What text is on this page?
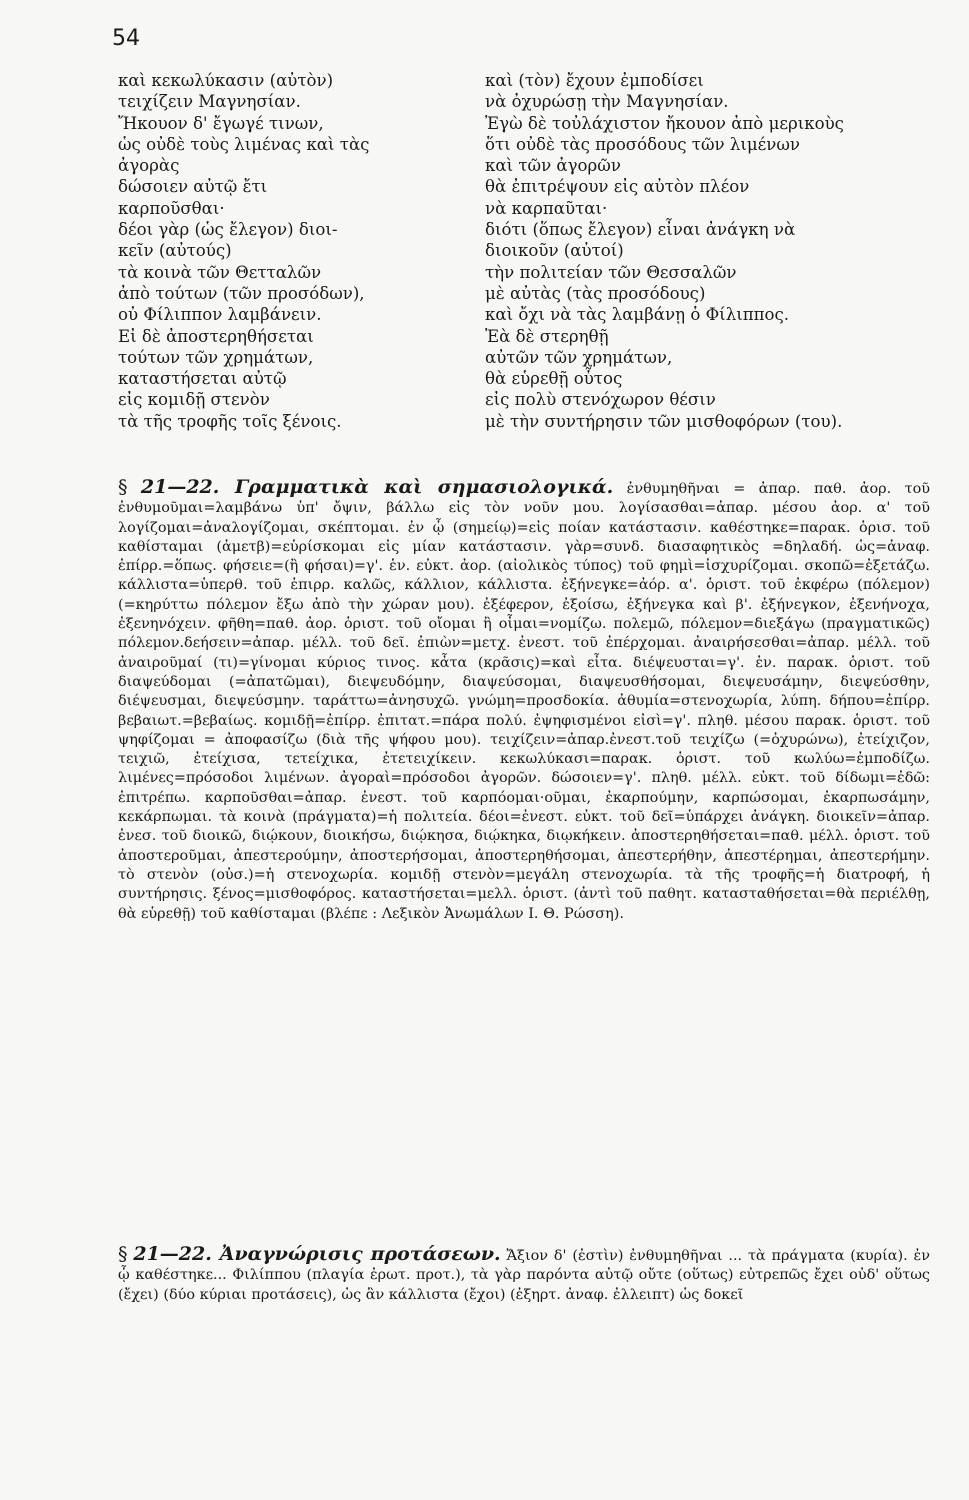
54
καὶ κεκωλύκασιν (αὐτὸν)
τειχίζειν Μαγνησίαν.
Ἤκουον δ' ἔγωγέ τινων,
ὡς οὐδὲ τοὺς λιμένας καὶ τὰς
ἀγορὰς
δώσοιεν αὐτῷ ἔτι
καρποῦσθαι·
δέοι γὰρ (ὡς ἔλεγον) διοι-
κεῖν (αὐτούς)
τὰ κοινὰ τῶν Θετταλῶν
ἀπὸ τούτων (τῶν προσόδων),
οὐ Φίλιππον λαμβάνειν.
Εἰ δὲ ἀποστερηθήσεται
τούτων τῶν χρημάτων,
καταστήσεται αὐτῷ
εἰς κομιδῇ στενὸν
τὰ τῆς τροφῆς τοῖς ξένοις.
καὶ (τὸν) ἔχουν ἐμποδίσει
νὰ ὀχυρώσῃ τὴν Μαγνησίαν.
Ἐγὼ δὲ τοὐλάχιστον ἤκουον ἀπὸ μερικοὺς
ὅτι οὐδὲ τὰς προσόδους τῶν λιμένων
καὶ τῶν ἀγορῶν
θὰ ἐπιτρέψουν εἰς αὐτὸν πλέον
νὰ καρπαῦται·
διότι (ὅπως ἔλεγον) εἶναι ἀνάγκη νὰ
διοικοῦν (αὐτοί)
τὴν πολιτείαν τῶν Θεσσαλῶν
μὲ αὐτὰς (τὰς προσόδους)
καὶ ὄχι νὰ τὰς λαμβάνῃ ὁ Φίλιππος.
Ἐὰ δὲ στερηθῇ
αὐτῶν τῶν χρημάτων,
θὰ εὑρεθῇ οὗτος
εἰς πολὺ στενόχωρον θέσιν
μὲ τὴν συντήρησιν τῶν μισθοφόρων (του).

§ 21—22. Γραμματικὰ καὶ σημασιολογικά. ἐνθυμηθῆναι = ἀπαρ. παθ. ἀορ. τοῦ ἐνθυμοῦμαι=λαμβάνω ὑπ' ὄψιν, βάλλω εἰς τὸν νοῦν μου. λογίσασθαι=ἀπαρ. μέσου ἀορ. α' τοῦ λογίζομαι=ἀναλογίζομαι, σκέπτομαι. ἐν ᾧ (σημείῳ)=εἰς ποίαν κατάστασιν. καθέστηκε=παρακ. ὁρισ. τοῦ καθίσταμαι (ἀμετβ)=εὑρίσκομαι εἰς μίαν κατάστασιν. γὰρ=συνδ. διασαφητικὸς =δηλαδή. ὡς=ἀναφ. ἐπίρρ.=ὅπως. φήσειε=(ἢ φήσαι)=γ'. ἑν. εὐκτ. ἀορ. (αἰολικὸς τύπος) τοῦ φημὶ=ἰσχυρίζομαι. σκοπῶ=ἐξετάζω. κάλλιστα=ὑπερθ. τοῦ ἐπιρρ. καλῶς, κάλλιον, κάλλιστα. ἐξήνεγκε=ἀόρ. α'. ὁριστ. τοῦ ἐκφέρω (πόλεμον) (=κηρύττω πόλεμον ἔξω ἀπὸ τὴν χώραν μου). ἐξέφερον, ἐξοίσω, ἐξήνεγκα καὶ β'. ἐξήνεγκον, ἐξενήνοχα, ἐξενηνόχειν. φῆθη=παθ. ἀορ. ὁριστ. τοῦ οἴομαι ἢ οἶμαι=νομίζω. πολεμῶ, πόλεμον=διεξάγω (πραγματικῶς) πόλεμον.δεήσειν=ἀπαρ. μέλλ. τοῦ δεῖ. ἐπιὼν=μετχ. ἐνεστ. τοῦ ἐπέρχομαι. ἀναιρήσεσθαι=ἀπαρ. μέλλ. τοῦ ἀναιροῦμαί (τι)=γίνομαι κύριος τινος. κἆτα (κρᾶσις)=καὶ εἶτα. διέψευσται=γ'. ἑν. παρακ. ὁριστ. τοῦ διαψεύδομαι (=ἀπατῶμαι), διεψευδόμην, διαψεύσομαι, διαψευσθήσομαι, διεψευσάμην, διεψεύσθην, διέψευσμαι, διεψεύσμην. ταράττω=ἀνησυχῶ. γνώμη=προσδοκία. ἀθυμία=στενοχωρία, λύπη. δήπου=ἐπίρρ. βεβαιωτ.=βεβαίως. κομιδῇ=ἐπίρρ. ἐπιτατ.=πάρα πολύ. ἐψηφισμένοι εἰσὶ=γ'. πληθ. μέσου παρακ. ὁριστ. τοῦ ψηφίζομαι = ἀποφασίζω (διὰ τῆς ψήφου μου). τειχίζειν=ἀπαρ.ἐνεστ.τοῦ τειχίζω (=ὀχυρώνω), ἐτείχιζον, τειχιῶ, ἐτείχισα, τετείχικα, ἐτετειχίκειν. κεκωλύκασι=παρακ. ὁριστ. τοῦ κωλύω=ἐμποδίζω. λιμένες=πρόσοδοι λιμένων. ἀγοραὶ=πρόσοδοι ἀγορῶν. δώσοιεν=γ'. πληθ. μέλλ. εὐκτ. τοῦ δίδωμι=ἐδῶ: ἐπιτρέπω. καρποῦσθαι=ἀπαρ. ἐνεστ. τοῦ καρπόομαι·οῦμαι, ἐκαρπούμην, καρπώσομαι, ἐκαρπωσάμην, κεκάρπωμαι. τὰ κοινὰ (πράγματα)=ἡ πολιτεία. δέοι=ἐνεστ. εὐκτ. τοῦ δεῖ=ὑπάρχει ἀνάγκη. διοικεῖν=ἀπαρ. ἐνεσ. τοῦ διοικῶ, διῴκουν, διοικήσω, διῴκησα, διῴκηκα, διῳκήκειν. ἀποστερηθήσεται=παθ. μέλλ. ὁριστ. τοῦ ἀποστεροῦμαι, ἀπεστερούμην, ἀποστερήσομαι, ἀποστερηθήσομαι, ἀπεστερήθην, ἀπεστέρημαι, ἀπεστερήμην. τὸ στενὸν (οὐσ.)=ἡ στενοχωρία. κομιδῇ στενὸν=μεγάλη στενοχωρία. τὰ τῆς τροφῆς=ἡ διατροφή, ἡ συντήρησις. ξένος=μισθοφόρος. καταστήσεται=μελλ. ὁριστ. (ἀντὶ τοῦ παθητ. κατασταθήσεται=θὰ περιέλθῃ, θὰ εὑρεθῇ) τοῦ καθίσταμαι (βλέπε : Λεξικὸν Ἀνωμάλων Ι. Θ. Ρώσση).

§ 21—22. Ἀναγνώρισις προτάσεων. Ἄξιον δ' (ἐστὶν) ἐνθυμηθῆναι ... τὰ πράγματα (κυρία). ἐν ᾧ καθέστηκε... Φιλίππου (πλαγία ἐρωτ. προτ.), τὰ γὰρ παρόντα αὐτῷ οὔτε (οὕτως) εὐτρεπῶς ἔχει οὐδ' οὕτως (ἔχει) (δύο κύριαι προτάσεις), ὡς ἂν κάλλιστα (ἔχοι) (ἐξηρτ. ἀναφ. ἐλλειπτ) ὡς δοκεῖ
